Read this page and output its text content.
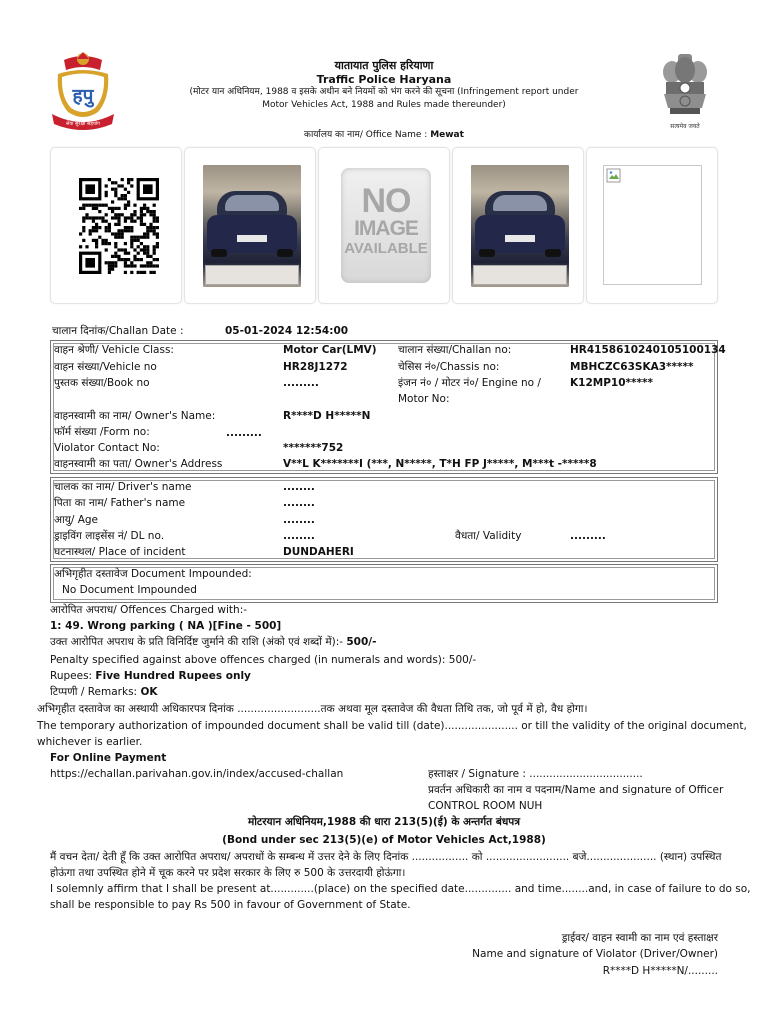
हपु
सेवा सुरक्षा सहयोग
यातायात पुलिस हरियाणा
Traffic Police Haryana
(मोटर यान अधिनियम, 1988 व इसके अधीन बने नियमों को भंग करने की सूचना (Infringement report under
Motor Vehicles Act, 1988 and Rules made thereunder)
सत्यमेव जयते
कार्यालय का नाम/ Office Name : Mewat
NO
IMAGE
AVAILABLE
चालान दिनांक/Challan Date :	05-01-2024 12:54:00
वाहन श्रेणी/ Vehicle Class:	Motor Car(LMV) चालान संख्या/Challan no:	HR4158610240105100134
वाहन संख्या/Vehicle no	HR28J1272	चेसिस नं०/Chassis no:	MBHCZC63SKA3*****
पुस्तक संख्या/Book no	.........	इंजन नं० / मोटर नं०/ Engine no /
Motor No:
K12MP10*****
वाहनस्वामी का नाम/ Owner's Name:	R****D H*****N
फॉर्म संख्या /Form no:	.........
Violator Contact No:	*******752
वाहनस्वामी का पता/ Owner's Address	V**L K*******I (***, N*****, T*H FP J*****, M***t -*****8
चालक का नाम/ Driver's name	........
पिता का नाम/ Father's name	........
आयु/ Age	........
ड्राइविंग लाइसेंस नं/ DL no.	........	वैधता/ Validity	.........
घटनास्थल/ Place of incident	DUNDAHERI
अभिगृहीत दस्तावेज Document Impounded:
No Document Impounded
आरोपित अपराध/ Offences Charged with:-
1: 49. Wrong parking ( NA )[Fine - 500]
उक्त आरोपित अपराध के प्रति विनिर्दिष्ट जुर्माने की राशि (अंको एवं शब्दों में):- 500/-
Penalty specified against above offences charged (in numerals and words): 500/-
Rupees: Five Hundred Rupees only
टिप्पणी / Remarks: OK
अभिगृहीत दस्तावेज का अस्थायी अधिकारपत्र दिनांक .........................तक अथवा मूल दस्तावेज की वैधता तिथि तक, जो पूर्व में हो, वैध होगा।
The temporary authorization of impounded document shall be valid till (date)...................... or till the validity of the original document,
whichever is earlier.
For Online Payment
https://echallan.parivahan.gov.in/index/accused-challan	हस्ताक्षर / Signature : ..................................
प्रवर्तन अधिकारी का नाम व पदनाम/Name and signature of Officer
CONTROL ROOM NUH
मोटरयान अधिनियम,1988 की धारा 213(5)(ई) के अन्तर्गत बंधपत्र
(Bond under sec 213(5)(e) of Motor Vehicles Act,1988)
मैं वचन देता/ देती हूँ कि उक्त आरोपित अपराध/ अपराधों के सम्बन्ध में उत्तर देने के लिए दिनांक ................. को ......................... बजे..................... (स्थान) उपस्थित
होऊंगा तथा उपस्थित होने में चूक करने पर प्रदेश सरकार के लिए रु 500 के उत्तरदायी होऊंगा।
I solemnly affirm that I shall be present at.............(place) on the specified date.............. and time........and, in case of failure to do so,
shall be responsible to pay Rs 500 in favour of Government of State.
ड्राईवर/ वाहन स्वामी का नाम एवं हस्ताक्षर
Name and signature of Violator (Driver/Owner)
R****D H*****N/.........
